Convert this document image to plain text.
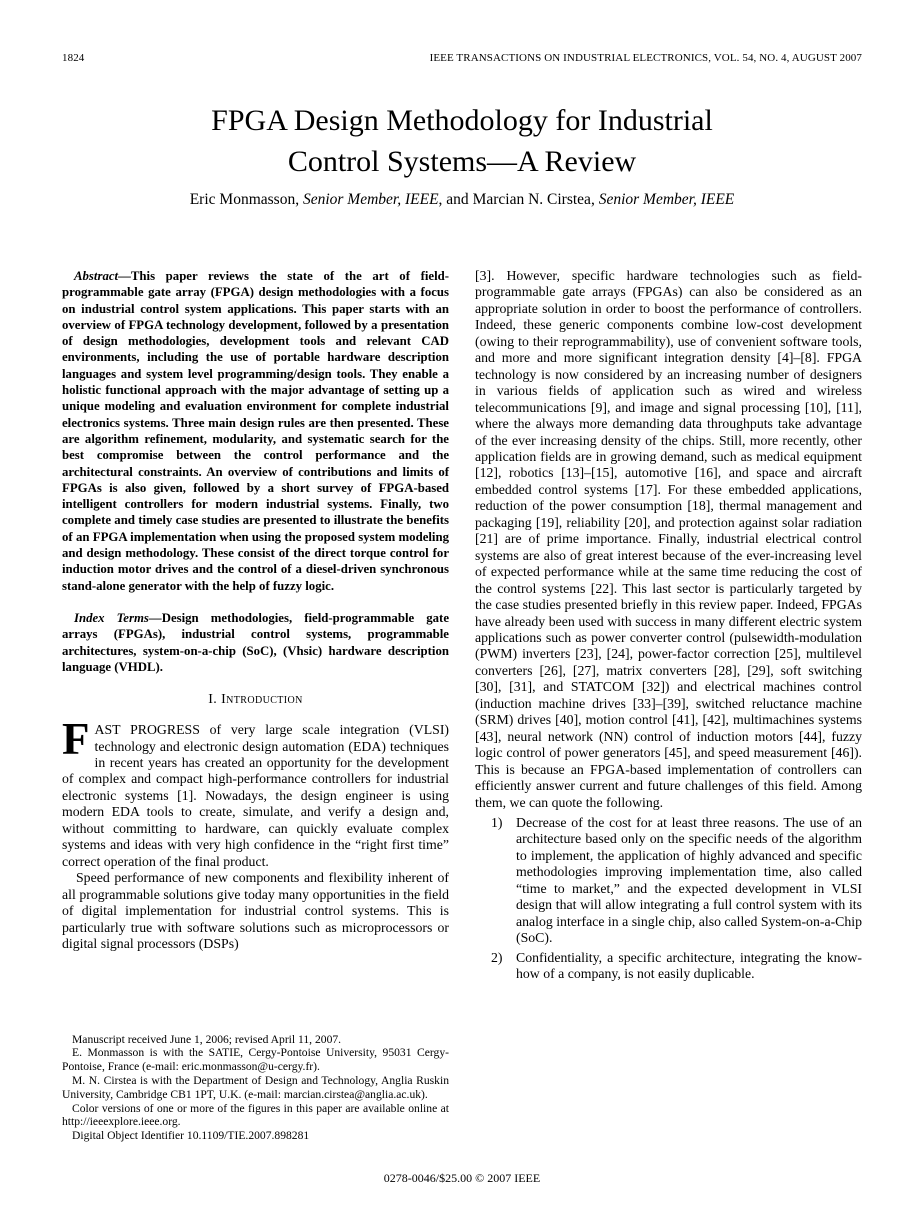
1824	IEEE TRANSACTIONS ON INDUSTRIAL ELECTRONICS, VOL. 54, NO. 4, AUGUST 2007
FPGA Design Methodology for Industrial
Control Systems—A Review
Eric Monmasson, Senior Member, IEEE, and Marcian N. Cirstea, Senior Member, IEEE

Abstract—This paper reviews the state of the art of field-programmable gate array (FPGA) design methodologies with a focus on industrial control system applications. This paper starts with an overview of FPGA technology development, followed by a presentation of design methodologies, development tools and relevant CAD environments, including the use of portable hardware description languages and system level programming/design tools. They enable a holistic functional approach with the major advantage of setting up a unique modeling and evaluation environment for complete industrial electronics systems. Three main design rules are then presented. These are algorithm refinement, modularity, and systematic search for the best compromise between the control performance and the architectural constraints. An overview of contributions and limits of FPGAs is also given, followed by a short survey of FPGA-based intelligent controllers for modern industrial systems. Finally, two complete and timely case studies are presented to illustrate the benefits of an FPGA implementation when using the proposed system modeling and design methodology. These consist of the direct torque control for induction motor drives and the control of a diesel-driven synchronous stand-alone generator with the help of fuzzy logic.

Index Terms—Design methodologies, field-programmable gate arrays (FPGAs), industrial control systems, programmable architectures, system-on-a-chip (SoC), (Vhsic) hardware description language (VHDL).

I. Introduction

FAST PROGRESS of very large scale integration (VLSI) technology and electronic design automation (EDA) techniques in recent years has created an opportunity for the development of complex and compact high-performance controllers for industrial electronic systems [1]. Nowadays, the design engineer is using modern EDA tools to create, simulate, and verify a design and, without committing to hardware, can quickly evaluate complex systems and ideas with very high confidence in the “right first time” correct operation of the final product.

Speed performance of new components and flexibility inherent of all programmable solutions give today many opportunities in the field of digital implementation for industrial control systems. This is particularly true with software solutions such as microprocessors or digital signal processors (DSPs)

Manuscript received June 1, 2006; revised April 11, 2007.

E. Monmasson is with the SATIE, Cergy-Pontoise University, 95031 Cergy-Pontoise, France (e-mail: eric.monmasson@u-cergy.fr).

M. N. Cirstea is with the Department of Design and Technology, Anglia Ruskin University, Cambridge CB1 1PT, U.K. (e-mail: marcian.cirstea@anglia.ac.uk).

Color versions of one or more of the figures in this paper are available online at http://ieeexplore.ieee.org.

Digital Object Identifier 10.1109/TIE.2007.898281

[3]. However, specific hardware technologies such as field-programmable gate arrays (FPGAs) can also be considered as an appropriate solution in order to boost the performance of controllers. Indeed, these generic components combine low-cost development (owing to their reprogrammability), use of convenient software tools, and more and more significant integration density [4]–[8]. FPGA technology is now considered by an increasing number of designers in various fields of application such as wired and wireless telecommunications [9], and image and signal processing [10], [11], where the always more demanding data throughputs take advantage of the ever increasing density of the chips. Still, more recently, other application fields are in growing demand, such as medical equipment [12], robotics [13]–[15], automotive [16], and space and aircraft embedded control systems [17]. For these embedded applications, reduction of the power consumption [18], thermal management and packaging [19], reliability [20], and protection against solar radiation [21] are of prime importance. Finally, industrial electrical control systems are also of great interest because of the ever-increasing level of expected performance while at the same time reducing the cost of the control systems [22]. This last sector is particularly targeted by the case studies presented briefly in this review paper. Indeed, FPGAs have already been used with success in many different electric system applications such as power converter control (pulsewidth-modulation (PWM) inverters [23], [24], power-factor correction [25], multilevel converters [26], [27], matrix converters [28], [29], soft switching [30], [31], and STATCOM [32]) and electrical machines control (induction machine drives [33]–[39], switched reluctance machine (SRM) drives [40], motion control [41], [42], multimachines systems [43], neural network (NN) control of induction motors [44], fuzzy logic control of power generators [45], and speed measurement [46]). This is because an FPGA-based implementation of controllers can efficiently answer current and future challenges of this field. Among them, we can quote the following.

1) Decrease of the cost for at least three reasons. The use of an architecture based only on the specific needs of the algorithm to implement, the application of highly advanced and specific methodologies improving implementation time, also called “time to market,” and the expected development in VLSI design that will allow integrating a full control system with its analog interface in a single chip, also called System-on-a-Chip (SoC).
2) Confidentiality, a specific architecture, integrating the know-how of a company, is not easily duplicable.
0278-0046/$25.00 © 2007 IEEE
